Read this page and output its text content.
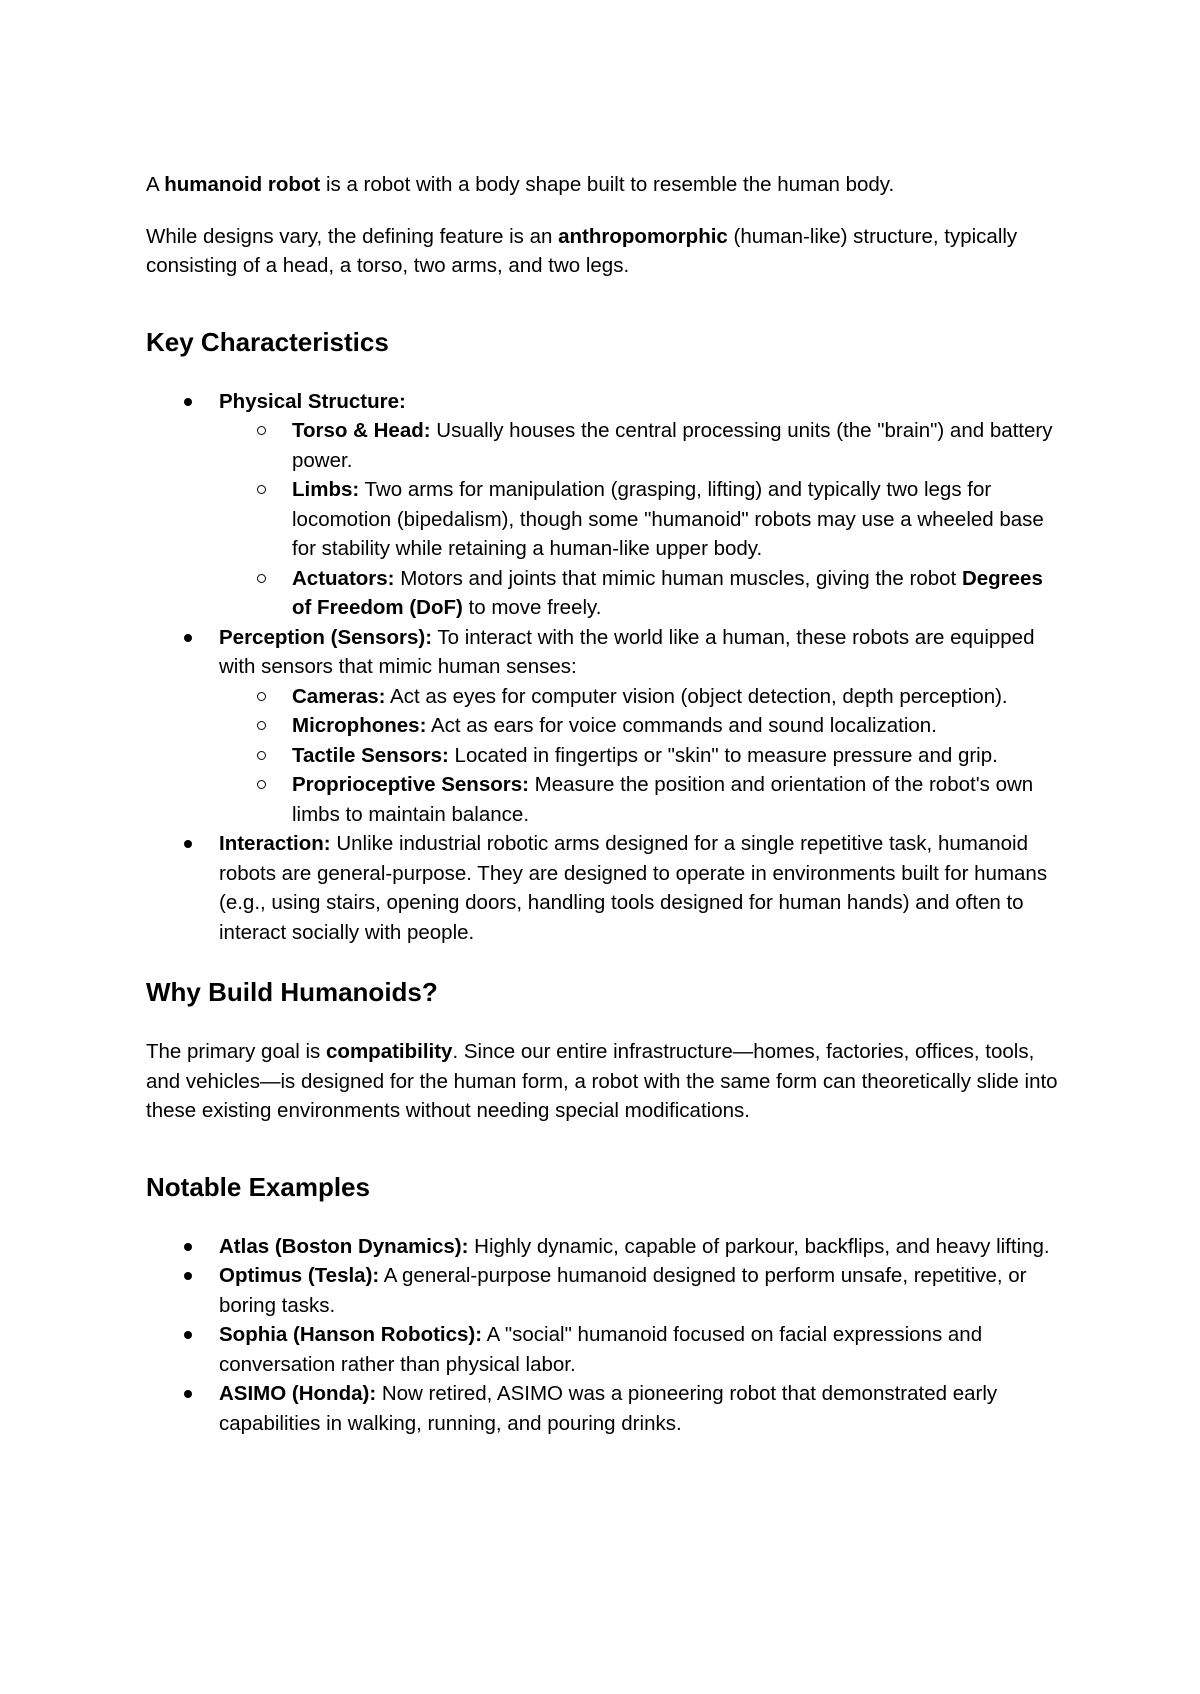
A humanoid robot is a robot with a body shape built to resemble the human body.

While designs vary, the defining feature is an anthropomorphic (human-like) structure, typically consisting of a head, a torso, two arms, and two legs.

Key Characteristics
Physical Structure:
Torso & Head: Usually houses the central processing units (the "brain") and battery power.
Limbs: Two arms for manipulation (grasping, lifting) and typically two legs for locomotion (bipedalism), though some "humanoid" robots may use a wheeled base for stability while retaining a human-like upper body.
Actuators: Motors and joints that mimic human muscles, giving the robot Degrees of Freedom (DoF) to move freely.
Perception (Sensors): To interact with the world like a human, these robots are equipped with sensors that mimic human senses:
Cameras: Act as eyes for computer vision (object detection, depth perception).
Microphones: Act as ears for voice commands and sound localization.
Tactile Sensors: Located in fingertips or "skin" to measure pressure and grip.
Proprioceptive Sensors: Measure the position and orientation of the robot's own limbs to maintain balance.
Interaction: Unlike industrial robotic arms designed for a single repetitive task, humanoid robots are general-purpose. They are designed to operate in environments built for humans (e.g., using stairs, opening doors, handling tools designed for human hands) and often to interact socially with people.
Why Build Humanoids?

The primary goal is compatibility. Since our entire infrastructure—homes, factories, offices, tools, and vehicles—is designed for the human form, a robot with the same form can theoretically slide into these existing environments without needing special modifications.

Notable Examples
Atlas (Boston Dynamics): Highly dynamic, capable of parkour, backflips, and heavy lifting.
Optimus (Tesla): A general-purpose humanoid designed to perform unsafe, repetitive, or boring tasks.
Sophia (Hanson Robotics): A "social" humanoid focused on facial expressions and conversation rather than physical labor.
ASIMO (Honda): Now retired, ASIMO was a pioneering robot that demonstrated early capabilities in walking, running, and pouring drinks.
